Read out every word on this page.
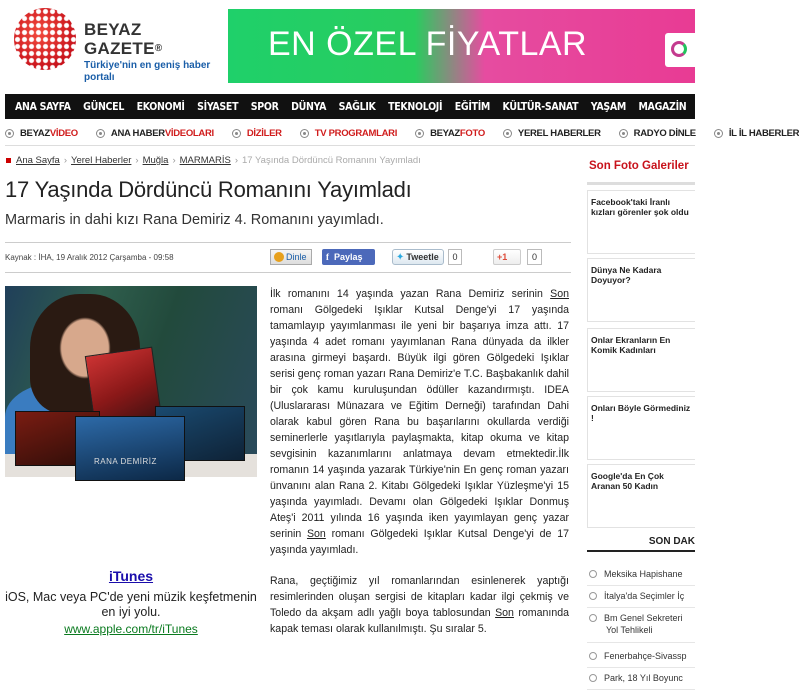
BEYAZ
GAZETE®
Türkiye'nin en geniş haber portalı
EN ÖZEL FİYATLAR
ANA SAYFA GÜNCEL EKONOMİ SİYASET SPOR DÜNYA SAĞLIK TEKNOLOJİ EĞİTİM KÜLTÜR-SANAT YAŞAM MAGAZİN 3. SAYFA
BEYAZ VİDEO	ANA HABER VİDEOLARI	DİZİLER	TV PROGRAMLARI	BEYAZ FOTO	YEREL HABERLER	RADYO DİNLE	İL İL HABERLER
Ana Sayfa › Yerel Haberler › Muğla › MARMARİS › 17 Yaşında Dördüncü Romanını Yayımladı
17 Yaşında Dördüncü Romanını Yayımladı
Marmaris in dahi kızı Rana Demiriz 4. Romanını yayımladı.
Kaynak : İHA, 19 Aralık 2012 Çarşamba - 09:58	Dinle f Paylaş	✦ Tweetle	0	+1	0
RANA DEMİRİZ
iTunes
iOS, Mac veya PC'de yeni müzik keşfetmenin en iyi yolu.
www.apple.com/tr/iTunes

İlk romanını 14 yaşında yazan Rana Demiriz serinin Son romanı Gölgedeki Işıklar Kutsal Denge'yi 17 yaşında tamamlayıp yayımlanması ile yeni bir başarıya imza attı. 17 yaşında 4 adet romanı yayımlanan Rana dünyada da ilkler arasına girmeyi başardı. Büyük ilgi gören Gölgedeki Işıklar serisi genç roman yazarı Rana Demiriz'e T.C. Başbakanlık dahil bir çok kamu kuruluşundan ödüller kazandırmıştı. IDEA (Uluslararası Münazara ve Eğitim Derneği) tarafından Dahi olarak kabul gören Rana bu başarılarını okullarda verdiği seminerlerle yaşıtlarıyla paylaşmakta, kitap okuma ve kitap sevgisinin kazanımlarını anlatmaya devam etmektedir.İlk romanın 14 yaşında yazarak Türkiye'nin En genç roman yazarı ünvanını alan Rana 2. Kitabı Gölgedeki Işıklar Yüzleşme'yi 15 yaşında yayımladı. Devamı olan Gölgedeki Işıklar Donmuş Ateş'i 2011 yılında 16 yaşında iken yayımlayan genç yazar serinin Son romanı Gölgedeki Işıklar Kutsal Denge'yi de 17 yaşında yayımladı.

Rana, geçtiğimiz yıl romanlarından esinlenerek yaptığı resimlerinden oluşan sergisi de kitapları kadar ilgi çekmiş ve Toledo da akşam adlı yağlı boya tablosundan Son romanında kapak teması olarak kullanılmıştı. Şu sıralar 5.

Son Foto Galeriler
Facebook'taki İranlı kızları görenler şok oldu
Dünya Ne Kadara Doyuyor?
Onlar Ekranların En Komik Kadınları
Onları Böyle Görmediniz !
Google'da En Çok Aranan 50 Kadın
SON DAK
Meksika Hapishane
İtalya'da Seçimler İç
Bm Genel Sekreteri
Yol Tehlikeli
Fenerbahçe-Sivassp
Park, 18 Yıl Boyunc
